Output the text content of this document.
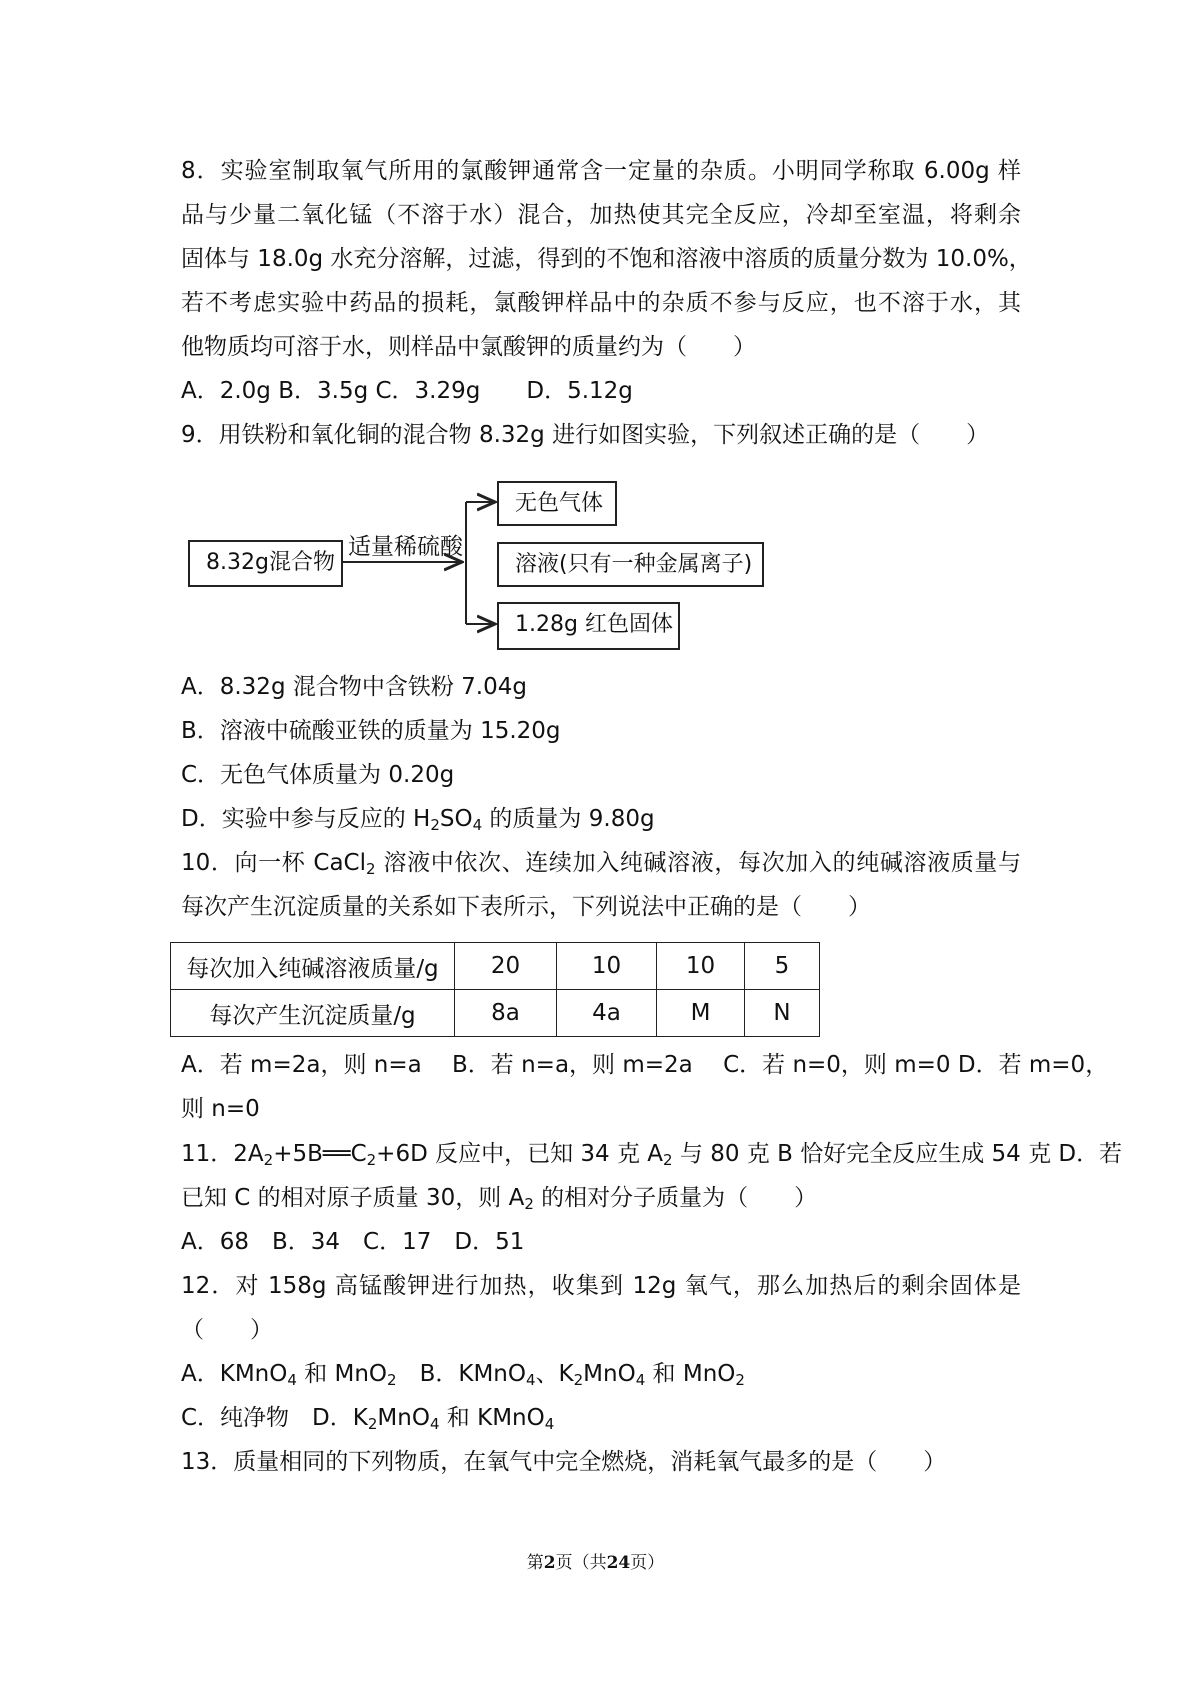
8．实验室制取氧气所用的氯酸钾通常含一定量的杂质。小明同学称取 6.00g 样
品与少量二氧化锰（不溶于水）混合，加热使其完全反应，冷却至室温，将剩余
固体与 18.0g 水充分溶解，过滤，得到的不饱和溶液中溶质的质量分数为 10.0%，
若不考虑实验中药品的损耗，氯酸钾样品中的杂质不参与反应，也不溶于水，其
他物质均可溶于水，则样品中氯酸钾的质量约为（　　）
A．2.0g B．3.5g C．3.29g　　D．5.12g
9．用铁粉和氧化铜的混合物 8.32g 进行如图实验，下列叙述正确的是（　　）
8.32g混合物
适量稀硫酸
无色气体
溶液(只有一种金属离子)
1.28g 红色固体
A．8.32g 混合物中含铁粉 7.04g
B．溶液中硫酸亚铁的质量为 15.20g
C．无色气体质量为 0.20g
D．实验中参与反应的 $H_2SO_4$ 的质量为 9.80g
10．向一杯 CaCl$_2$ 溶液中依次、连续加入纯碱溶液，每次加入的纯碱溶液质量与
每次产生沉淀质量的关系如下表所示，下列说法中正确的是（　　）
每次加入纯碱溶液质量/g	20	10	10	5
每次产生沉淀质量/g	8a	4a	M	N
A．若 m=2a，则 n=a　 B．若 n=a，则 m=2a　 C．若 n=0，则 m=0 D．若 m=0，
则 n=0
11．$2A_2+5B══C_2+6D$ 反应中，已知 34 克 $A_2$ 与 80 克 B 恰好完全反应生成 54 克 D．若
已知 C 的相对原子质量 30，则 $A_2$ 的相对分子质量为（　　）
A．68　B．34　C．17　D．51
12．对 158g 高锰酸钾进行加热，收集到 12g 氧气，那么加热后的剩余固体是
（　　）
A．KMnO$_4$ 和 MnO$_2$　B．KMnO$_4$、$K_2MnO_4$ 和 MnO$_2$
C．纯净物　D．$K_2MnO_4$ 和 KMnO$_4$
13．质量相同的下列物质，在氧气中完全燃烧，消耗氧气最多的是（　　）
第2页（共24页）
